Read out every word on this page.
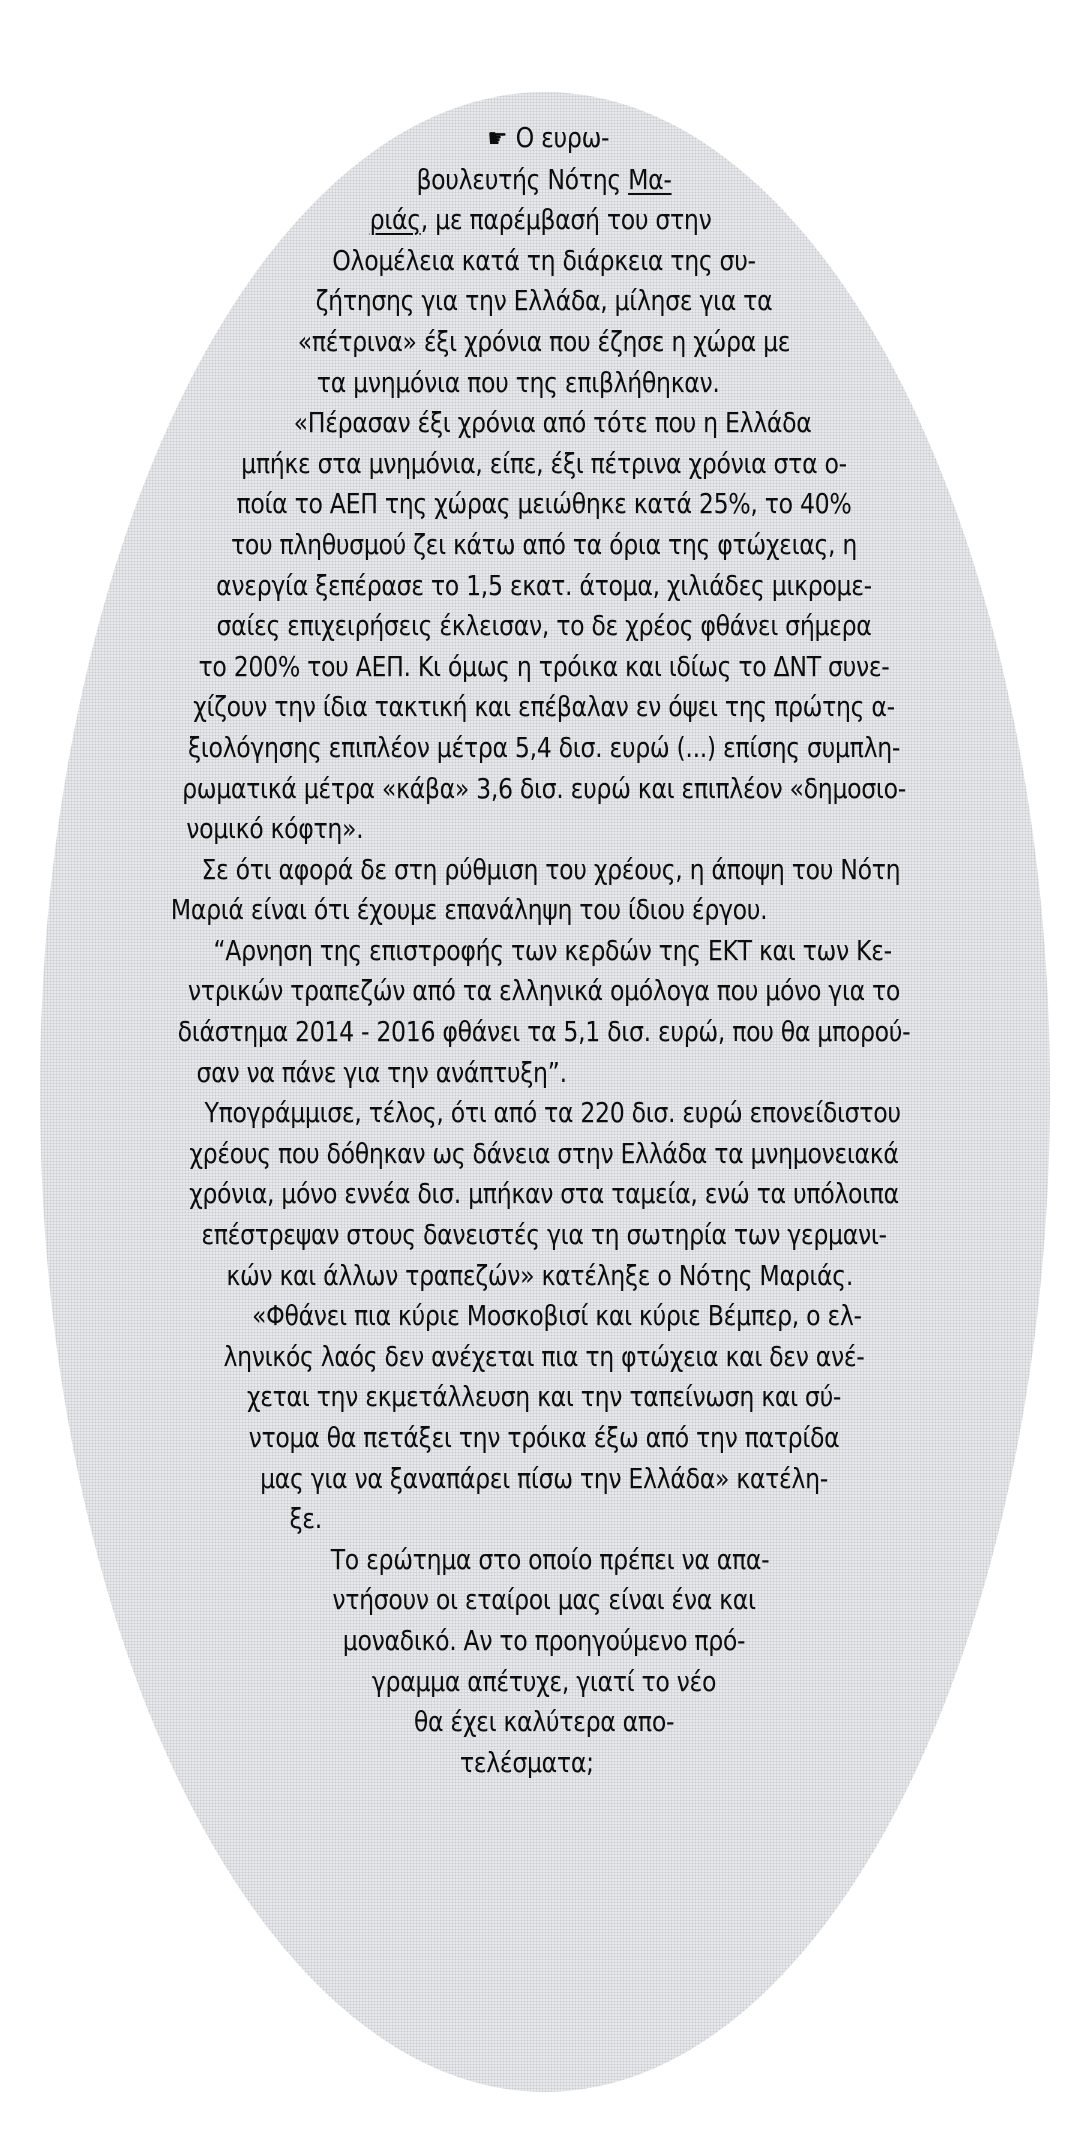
☛ Ο ευρω-
βουλευτής Νότης Μα-
ριάς, με παρέμβασή του στην
Ολομέλεια κατά τη διάρκεια της συ-
ζήτησης για την Ελλάδα, μίλησε για τα
«πέτρινα» έξι χρόνια που έζησε η χώρα με
τα μνημόνια που της επιβλήθηκαν.
«Πέρασαν έξι χρόνια από τότε που η Ελλάδα
μπήκε στα μνημόνια, είπε, έξι πέτρινα χρόνια στα ο-
ποία το ΑΕΠ της χώρας μειώθηκε κατά 25%, το 40%
του πληθυσμού ζει κάτω από τα όρια της φτώχειας, η
ανεργία ξεπέρασε το 1,5 εκατ. άτομα, χιλιάδες μικρομε-
σαίες επιχειρήσεις έκλεισαν, το δε χρέος φθάνει σήμερα
το 200% του ΑΕΠ. Κι όμως η τρόικα και ιδίως το ΔΝΤ συνε-
χίζουν την ίδια τακτική και επέβαλαν εν όψει της πρώτης α-
ξιολόγησης επιπλέον μέτρα 5,4 δισ. ευρώ (...) επίσης συμπλη-
ρωματικά μέτρα «κάβα» 3,6 δισ. ευρώ και επιπλέον «δημοσιο-
νομικό κόφτη».
Σε ότι αφορά δε στη ρύθμιση του χρέους, η άποψη του Νότη
Μαριά είναι ότι έχουμε επανάληψη του ίδιου έργου.
“Αρνηση της επιστροφής των κερδών της ΕΚΤ και των Κε-
ντρικών τραπεζών από τα ελληνικά ομόλογα που μόνο για το
διάστημα 2014 - 2016 φθάνει τα 5,1 δισ. ευρώ, που θα μπορού-
σαν να πάνε για την ανάπτυξη”.
Υπογράμμισε, τέλος, ότι από τα 220 δισ. ευρώ επονείδιστου
χρέους που δόθηκαν ως δάνεια στην Ελλάδα τα μνημονειακά
χρόνια, μόνο εννέα δισ. μπήκαν στα ταμεία, ενώ τα υπόλοιπα
επέστρεψαν στους δανειστές για τη σωτηρία των γερμανι-
κών και άλλων τραπεζών» κατέληξε ο Νότης Μαριάς.
«Φθάνει πια κύριε Μοσκοβισί και κύριε Βέμπερ, ο ελ-
ληνικός λαός δεν ανέχεται πια τη φτώχεια και δεν ανέ-
χεται την εκμετάλλευση και την ταπείνωση και σύ-
ντομα θα πετάξει την τρόικα έξω από την πατρίδα
μας για να ξαναπάρει πίσω την Ελλάδα» κατέλη-
ξε.
Το ερώτημα στο οποίο πρέπει να απα-
ντήσουν οι εταίροι μας είναι ένα και
μοναδικό. Αν το προηγούμενο πρό-
γραμμα απέτυχε, γιατί το νέο
θα έχει καλύτερα απο-
τελέσματα;
